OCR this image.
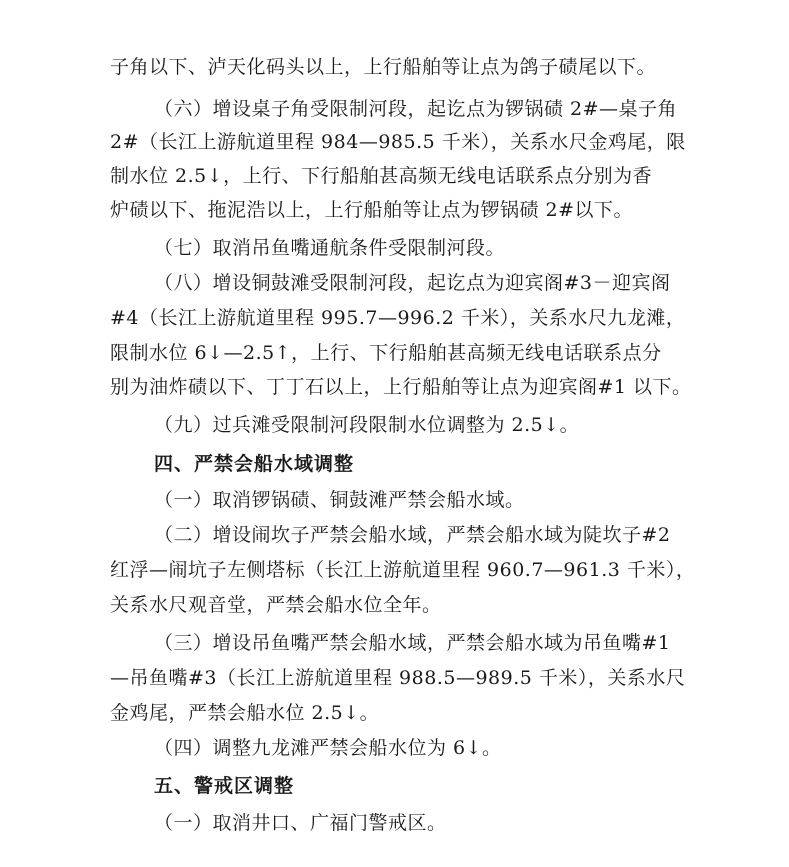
子角以下、泸天化码头以上，上行船舶等让点为鸽子碛尾以下。
（六）增设桌子角受限制河段，起讫点为锣锅碛 2#—桌子角
2#（长江上游航道里程 984—985.5 千米），关系水尺金鸡尾，限
制水位 2.5↓，上行、下行船舶甚高频无线电话联系点分别为香
炉碛以下、拖泥浩以上，上行船舶等让点为锣锅碛 2#以下。
（七）取消吊鱼嘴通航条件受限制河段。
（八）增设铜鼓滩受限制河段，起讫点为迎宾阁#3－迎宾阁
#4（长江上游航道里程 995.7—996.2 千米），关系水尺九龙滩，
限制水位 6↓—2.5↑，上行、下行船舶甚高频无线电话联系点分
别为油炸碛以下、丁丁石以上，上行船舶等让点为迎宾阁#1 以下。
（九）过兵滩受限制河段限制水位调整为 2.5↓。
四、严禁会船水域调整
（一）取消锣锅碛、铜鼓滩严禁会船水域。
（二）增设闹坎子严禁会船水域，严禁会船水域为陡坎子#2
红浮—闹坑子左侧塔标（长江上游航道里程 960.7—961.3 千米），
关系水尺观音堂，严禁会船水位全年。
（三）增设吊鱼嘴严禁会船水域，严禁会船水域为吊鱼嘴#1
—吊鱼嘴#3（长江上游航道里程 988.5—989.5 千米），关系水尺
金鸡尾，严禁会船水位 2.5↓。
（四）调整九龙滩严禁会船水位为 6↓。
五、警戒区调整
（一）取消井口、广福门警戒区。
